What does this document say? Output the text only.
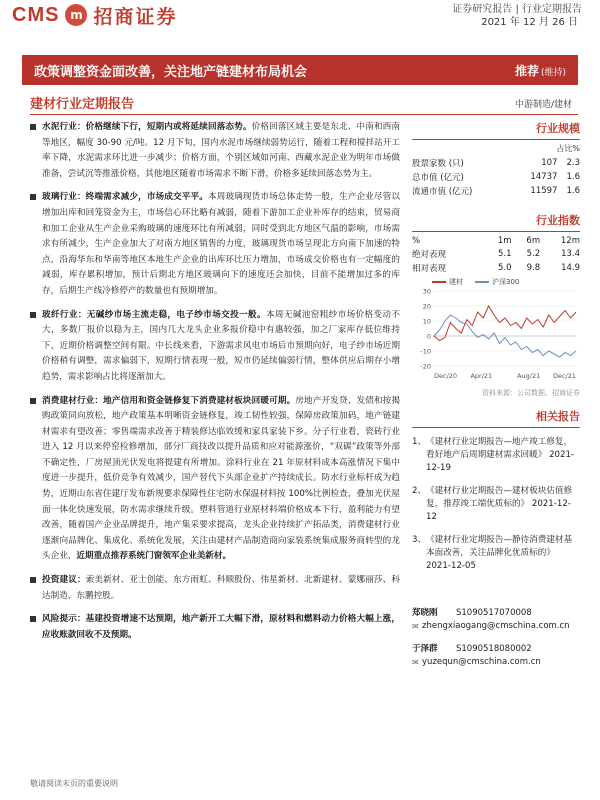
CMS m 招商证券	证券研究报告 | 行业定期报告
2021 年 12 月 26 日
政策调整资金面改善，关注地产链建材布局机会	推荐 (维持)
建材行业定期报告	中游制造/建材
水泥行业：价格继续下行，短期内或将延续回落态势。价格回落区域主要是东北、中南和西南等地区，幅度 30-90 元/吨。12 月下旬，国内水泥市场继续弱势运行，随着工程和搅拌站开工率下降，水泥需求环比进一步减少；价格方面，个别区域如河南、西藏水泥企业为明年市场做准备，尝试沉等推涨价格，其他地区随着市场需求不断下滑，价格多延续回落态势为主。
玻璃行业：终端需求减少，市场成交平平。本周玻璃现货市场总体走势一般，生产企业尽管以增加出库和回笼资金为主，市场信心环比略有减弱，随着下游加工企业补库存的结束，贸易商和加工企业从生产企业采购玻璃的速度环比有所减弱，同时受到北方地区气温的影响，市场需求有所减少，生产企业加大了对南方地区销售的力度，玻璃现货市场呈现北方向南下加速的特点，沿海华东和华南等地区本地生产企业的出库环比压力增加，市场成交价格也有一定幅度的减弱，库存累积增加，预计后期北方地区玻璃向下的速度还会加快，目前不能增加过多的库存，后期生产线冷修停产的数量也有预期增加。
玻纤行业：无碱纱市场主流走稳，电子纱市场交投一般。本周无碱池窑粗纱市场价格变动不大，多数厂报价以稳为主，国内几大龙头企业多报价稳中有惠较强，加之厂家库存低位维持下，近期价格调整空间有限。中长线来看，下游需求风电市场后市预期向好，电子纱市场近期价格稍有调整，需求偏弱下，短期行情表现一般，短市仍延续偏弱行情，整体供应后期存小增趋势，需求影响占比将逐渐加大。
消费建材行业：地产信用和资金链修复下消费建材板块回暖可期。房地产开发贷、发债和按揭购政策同向放松，地产政策基本明晰资金链修复，竣工韧性较强，保障房政策加码，地产链建材需求有望改善；零售端需求改善于精装修达临效缓和家具家装下乡。分子行业看，瓷砖行业进入 12 月以来停窑检修增加，部分厂商技改以提升品质和应对能源涨价，“双碳”政策等外部不确定性，厂房屋顶光伏发电将提建有所增加。涂料行业在 21 年原材料成本高涨情况下集中度进一步提升，低价竞争有效减少，国产替代下头部企业扩产持续成长。防水行业标杆成为趋势，近期山东省住建厅发布新规要求保障性住宅防水保温材料按 100%比例检查，叠加光伏屋面一体化快速发展，防水需求继续升级。塑料管道行业原材料端价格成本下行，盈利能力有望改善，随着国产企业品牌提升，地产集采要求提高，龙头企业持续扩产拓品类，消费建材行业逐渐向品牌化、集成化、系统化发展，关注由建材产品制造商向家装系统集成服务商转型的龙头企业，近期重点推荐系统门窗领军企业美新材。
投资建议：索美新材、亚士创能、东方雨虹、科顺股份、伟星新材、北新建材、蒙娜丽莎、科达制造、东鹏控股。
风险提示：基建投资增速不达预期，地产新开工大幅下滑，原材料和燃料动力价格大幅上涨，应收账款回收不及预期。
行业规模
占比%
股票家数 (只)	107	2.3
总市值 (亿元)	14737	1.6
流通市值 (亿元)	11597	1.6
行业指数
%	1m	6m	12m
绝对表现	5.1	5.2	13.4
相对表现	5.0	9.8	14.9
建材	沪深300
-20
-10
0
10
20
30
Dec/20 Apr/21	Aug/21 Dec/21
资料来源：公司数据、招商证券
相关报告
1、 《建材行业定期报告—地产竣工修复，看好地产后周期建材需求回暖》 2021-12-19
2、 《建材行业定期报告—建材板块估值修复，推荐竣工端优质标的》 2021-12-12
3、 《建材行业定期报告—静待消费建材基本面改善，关注品牌化优质标的》 2021-12-05
郑晓刚	S1090517070008
✉ zhengxiaogang@cmschina.com.cn
于泽群	S1090518080002
✉ yuzequn@cmschina.com.cn
敬请阅读末页的重要说明
